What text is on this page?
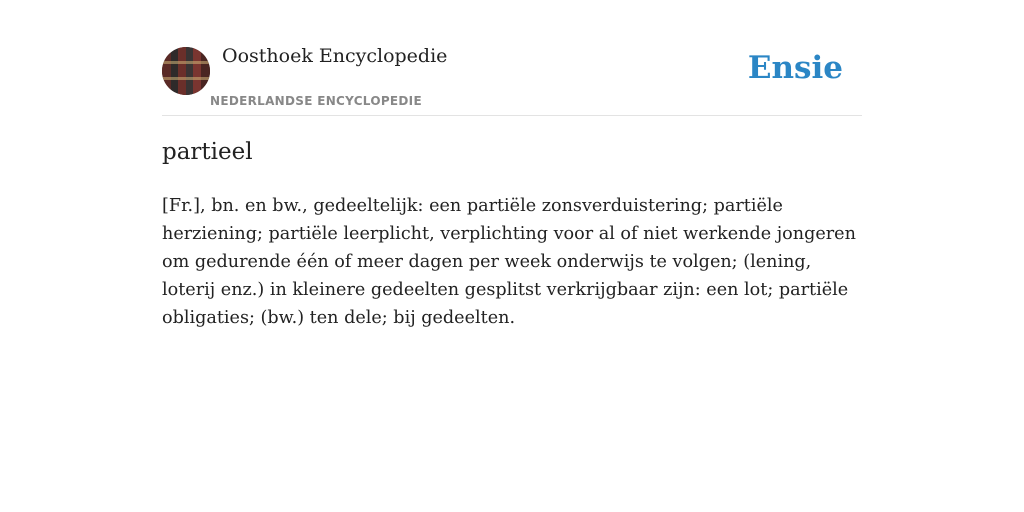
Oosthoek Encyclopedie
NEDERLANDSE ENCYCLOPEDIE
Ensie
partieel

[Fr.], bn. en bw., gedeeltelijk: een partiële zonsverduistering; partiële herziening; partiële leerplicht, verplichting voor al of niet werkende jongeren om gedurende één of meer dagen per week onderwijs te volgen; (lening, loterij enz.) in kleinere gedeelten gesplitst verkrijgbaar zijn: een lot; partiële obligaties; (bw.) ten dele; bij gedeelten.
